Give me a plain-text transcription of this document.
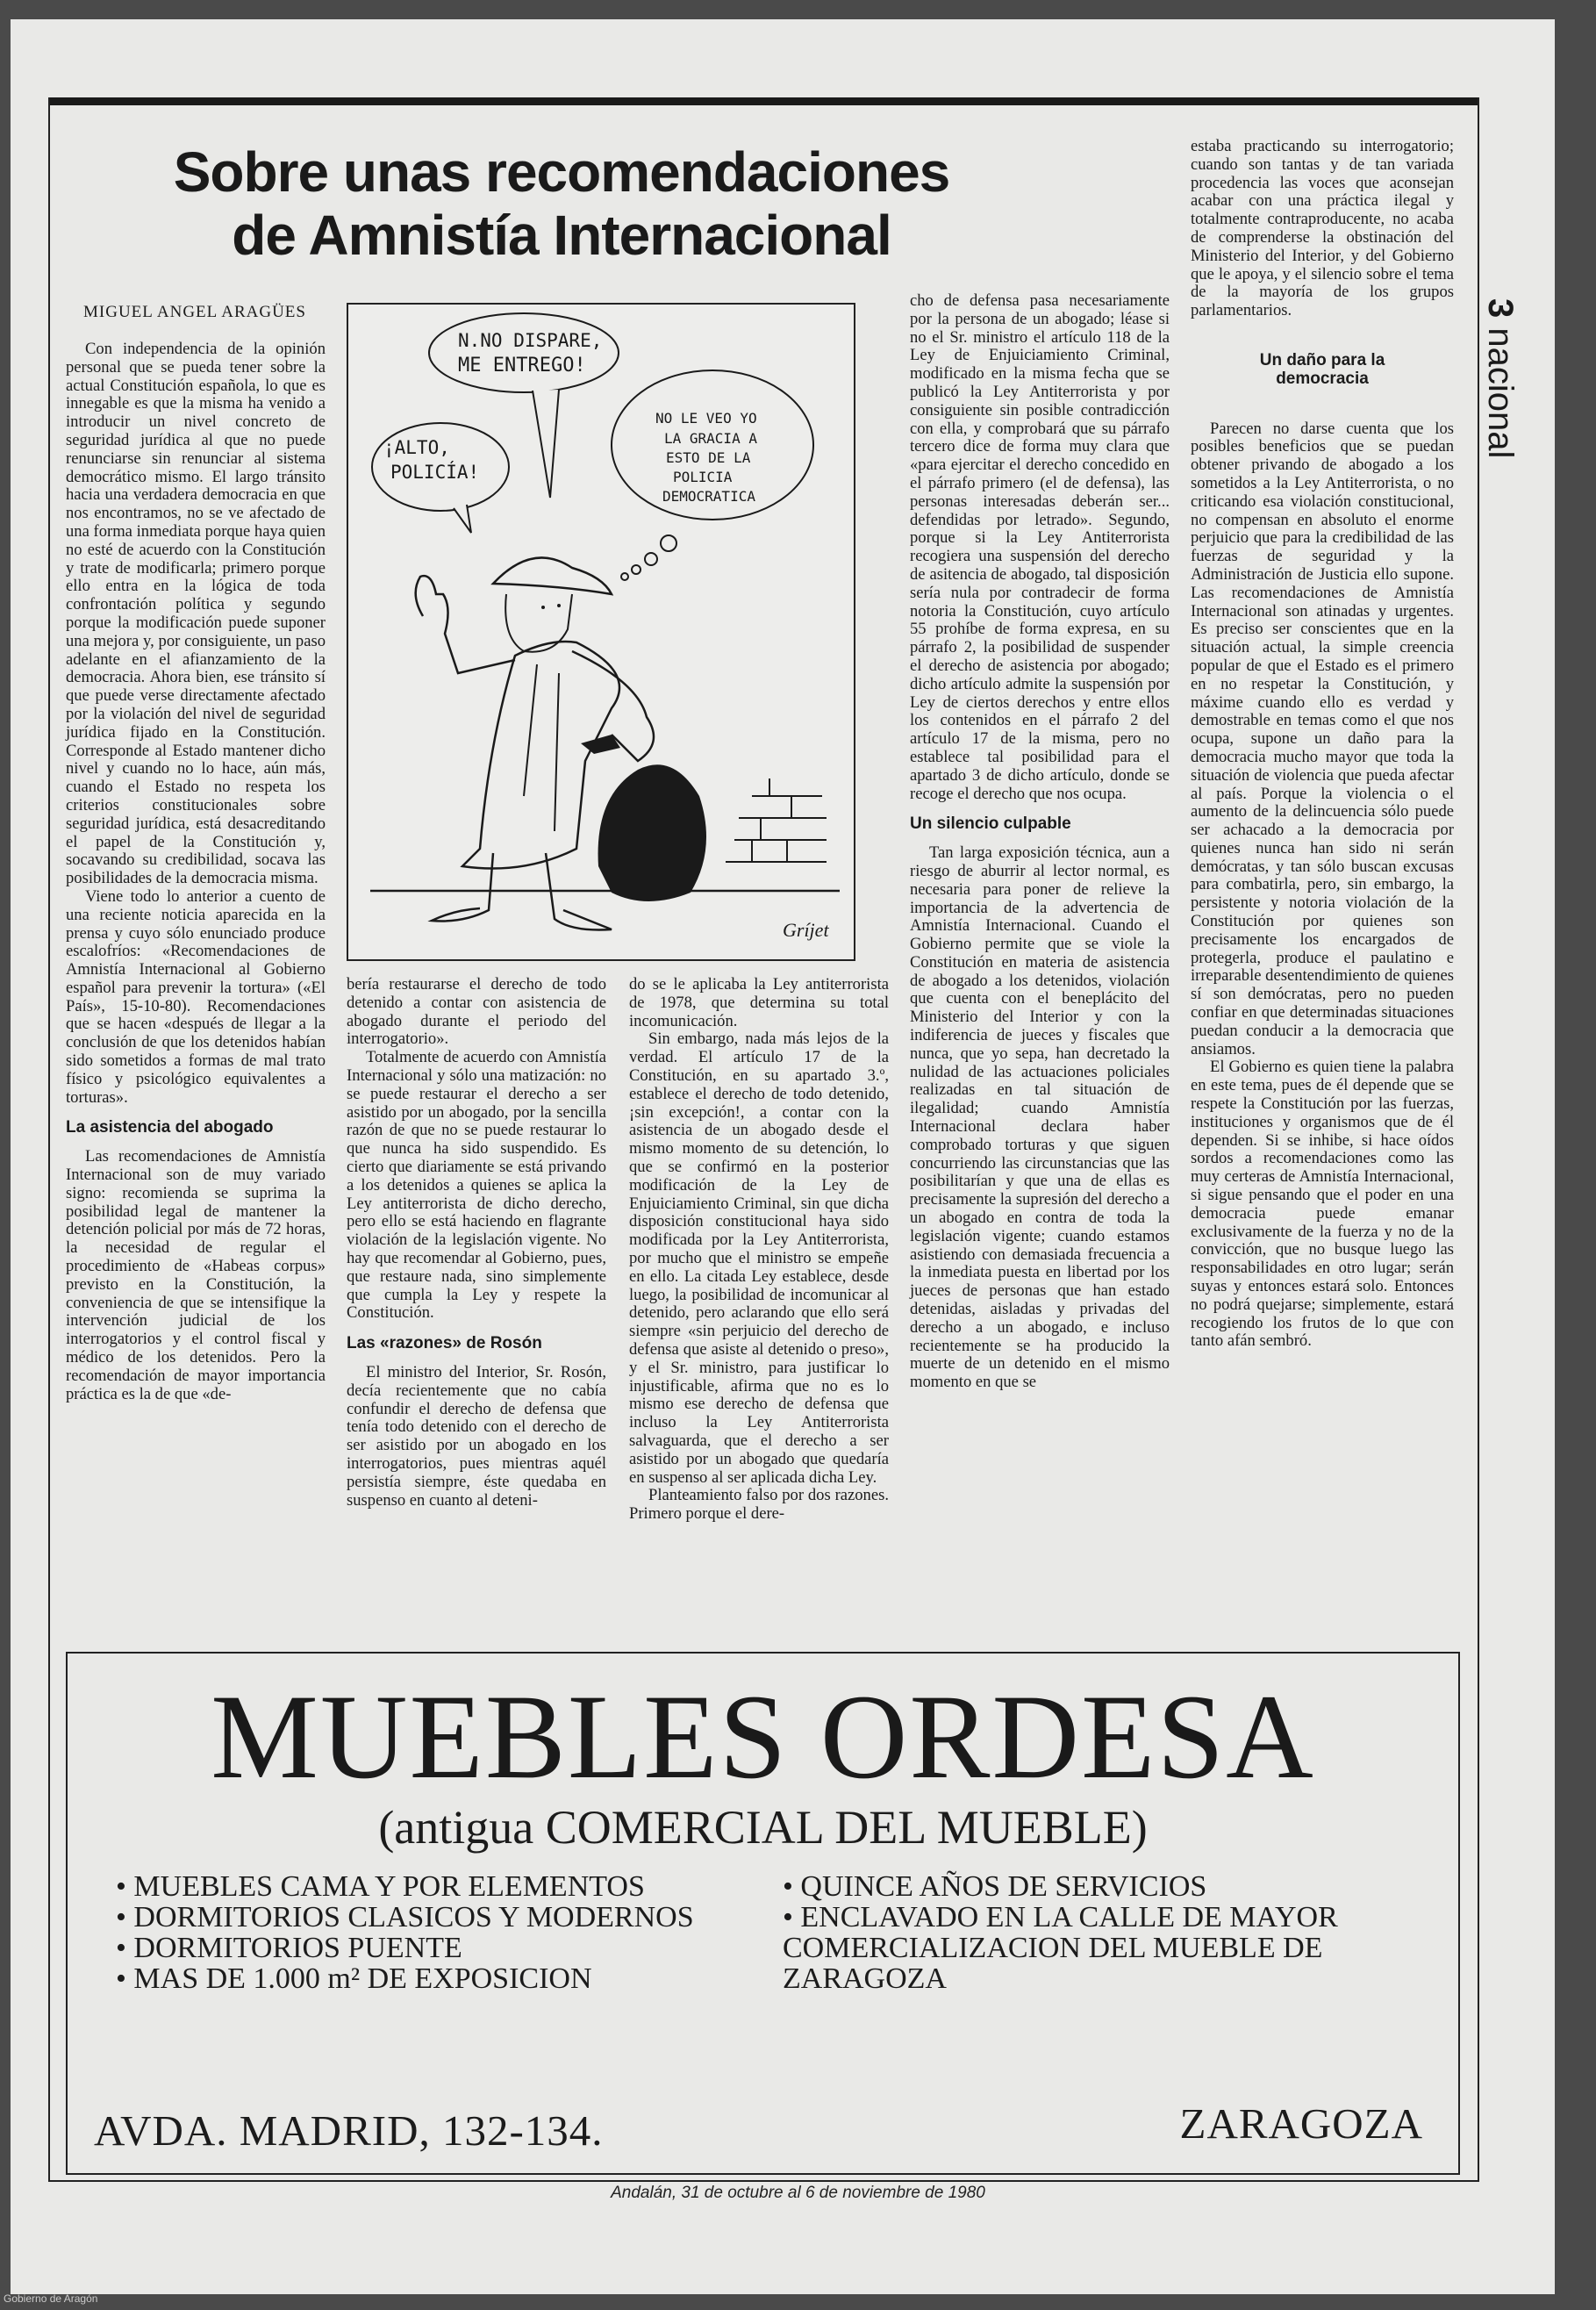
Sobre unas recomendaciones
de Amnistía Internacional
MIGUEL ANGEL ARAGÜES	3 nacional

Con independencia de la opinión personal que se pueda tener sobre la actual Constitución española, lo que es innegable es que la misma ha venido a introducir un nivel concreto de seguridad jurídica al que no puede renunciarse sin renunciar al sistema democrático mismo. El largo tránsito hacia una verdadera democracia en que nos encontramos, no se ve afectado de una forma inmediata porque haya quien no esté de acuerdo con la Constitución y trate de modificarla; primero porque ello entra en la lógica de toda confrontación política y segundo porque la modificación puede suponer una mejora y, por consiguiente, un paso adelante en el afianzamiento de la democracia. Ahora bien, ese tránsito sí que puede verse directamente afectado por la violación del nivel de seguridad jurídica fijado en la Constitución. Corresponde al Estado mantener dicho nivel y cuando no lo hace, aún más, cuando el Estado no respeta los criterios constitucionales sobre seguridad jurídica, está desacreditando el papel de la Constitución y, socavando su credibilidad, socava las posibilidades de la democracia misma.

Viene todo lo anterior a cuento de una reciente noticia aparecida en la prensa y cuyo sólo enunciado produce escalofríos: «Recomendaciones de Amnistía Internacional al Gobierno español para prevenir la tortura» («El País», 15-10-80). Recomendaciones que se hacen «después de llegar a la conclusión de que los detenidos habían sido sometidos a formas de mal trato físico y psicológico equivalentes a torturas».

La asistencia del abogado

Las recomendaciones de Amnistía Internacional son de muy variado signo: recomienda se suprima la posibilidad legal de mantener la detención policial por más de 72 horas, la necesidad de regular el procedimiento de «Habeas corpus» previsto en la Constitución, la conveniencia de que se intensifique la intervención judicial de los interrogatorios y el control fiscal y médico de los detenidos. Pero la recomendación de mayor importancia práctica es la de que «de-

¡ALTO,
POLICÍA!
N.NO DISPARE,
ME ENTREGO!
NO LE VEO YO
LA GRACIA A
ESTO DE LA
POLICIA
DEMOCRATICA
Gríjet

bería restaurarse el derecho de todo detenido a contar con asistencia de abogado durante el periodo del interrogatorio».

Totalmente de acuerdo con Amnistía Internacional y sólo una matización: no se puede restaurar el derecho a ser asistido por un abogado, por la sencilla razón de que no se puede restaurar lo que nunca ha sido suspendido. Es cierto que diariamente se está privando a los detenidos a quienes se aplica la Ley antiterrorista de dicho derecho, pero ello se está haciendo en flagrante violación de la legislación vigente. No hay que recomendar al Gobierno, pues, que restaure nada, sino simplemente que cumpla la Ley y respete la Constitución.

Las «razones» de Rosón

El ministro del Interior, Sr. Rosón, decía recientemente que no cabía confundir el derecho de defensa que tenía todo detenido con el derecho de ser asistido por un abogado en los interrogatorios, pues mientras aquél persistía siempre, éste quedaba en suspenso en cuanto al deteni-

do se le aplicaba la Ley antiterrorista de 1978, que determina su total incomunicación.

Sin embargo, nada más lejos de la verdad. El artículo 17 de la Constitución, en su apartado 3.º, establece el derecho de todo detenido, ¡sin excepción!, a contar con la asistencia de un abogado desde el mismo momento de su detención, lo que se confirmó en la posterior modificación de la Ley de Enjuiciamiento Criminal, sin que dicha disposición constitucional haya sido modificada por la Ley Antiterrorista, por mucho que el ministro se empeñe en ello. La citada Ley establece, desde luego, la posibilidad de incomunicar al detenido, pero aclarando que ello será siempre «sin perjuicio del derecho de defensa que asiste al detenido o preso», y el Sr. ministro, para justificar lo injustificable, afirma que no es lo mismo ese derecho de defensa que incluso la Ley Antiterrorista salvaguarda, que el derecho a ser asistido por un abogado que quedaría en suspenso al ser aplicada dicha Ley.

Planteamiento falso por dos razones. Primero porque el dere-

cho de defensa pasa necesariamente por la persona de un abogado; léase si no el Sr. ministro el artículo 118 de la Ley de Enjuiciamiento Criminal, modificado en la misma fecha que se publicó la Ley Antiterrorista y por consiguiente sin posible contradicción con ella, y comprobará que su párrafo tercero dice de forma muy clara que «para ejercitar el derecho concedido en el párrafo primero (el de defensa), las personas interesadas deberán ser... defendidas por letrado». Segundo, porque si la Ley Antiterrorista recogiera una suspensión del derecho de asitencia de abogado, tal disposición sería nula por contradecir de forma notoria la Constitución, cuyo artículo 55 prohíbe de forma expresa, en su párrafo 2, la posibilidad de suspender el derecho de asistencia por abogado; dicho artículo admite la suspensión por Ley de ciertos derechos y entre ellos los contenidos en el párrafo 2 del artículo 17 de la misma, pero no establece tal posibilidad para el apartado 3 de dicho artículo, donde se recoge el derecho que nos ocupa.

Un silencio culpable

Tan larga exposición técnica, aun a riesgo de aburrir al lector normal, es necesaria para poner de relieve la importancia de la advertencia de Amnistía Internacional. Cuando el Gobierno permite que se viole la Constitución en materia de asistencia de abogado a los detenidos, violación que cuenta con el beneplácito del Ministerio del Interior y con la indiferencia de jueces y fiscales que nunca, que yo sepa, han decretado la nulidad de las actuaciones policiales realizadas en tal situación de ilegalidad; cuando Amnistía Internacional declara haber comprobado torturas y que siguen concurriendo las circunstancias que las posibilitarían y que una de ellas es precisamente la supresión del derecho a un abogado en contra de toda la legislación vigente; cuando estamos asistiendo con demasiada frecuencia a la inmediata puesta en libertad por los jueces de personas que han estado detenidas, aisladas y privadas del derecho a un abogado, e incluso recientemente se ha producido la muerte de un detenido en el mismo momento en que se

estaba practicando su interrogatorio; cuando son tantas y de tan variada procedencia las voces que aconsejan acabar con una práctica ilegal y totalmente contraproducente, no acaba de comprenderse la obstinación del Ministerio del Interior, y del Gobierno que le apoya, y el silencio sobre el tema de la mayoría de los grupos parlamentarios.

Un daño para la democracia

Parecen no darse cuenta que los posibles beneficios que se puedan obtener privando de abogado a los sometidos a la Ley Antiterrorista, o no criticando esa violación constitucional, no compensan en absoluto el enorme perjuicio que para la credibilidad de las fuerzas de seguridad y la Administración de Justicia ello supone. Las recomendaciones de Amnistía Internacional son atinadas y urgentes. Es preciso ser conscientes que en la situación actual, la simple creencia popular de que el Estado es el primero en no respetar la Constitución, y máxime cuando ello es verdad y demostrable en temas como el que nos ocupa, supone un daño para la democracia mucho mayor que toda la situación de violencia que pueda afectar al país. Porque la violencia o el aumento de la delincuencia sólo puede ser achacado a la democracia por quienes nunca han sido ni serán demócratas, y tan sólo buscan excusas para combatirla, pero, sin embargo, la persistente y notoria violación de la Constitución por quienes son precisamente los encargados de protegerla, produce el paulatino e irreparable desentendimiento de quienes sí son demócratas, pero no pueden confiar en que determinadas situaciones puedan conducir a la democracia que ansiamos.

El Gobierno es quien tiene la palabra en este tema, pues de él depende que se respete la Constitución por las fuerzas, instituciones y organismos que de él dependen. Si se inhibe, si hace oídos sordos a recomendaciones como las muy certeras de Amnistía Internacional, si sigue pensando que el poder en una democracia puede emanar exclusivamente de la fuerza y no de la convicción, que no busque luego las responsabilidades en otro lugar; serán suyas y entonces estará solo. Entonces no podrá quejarse; simplemente, estará recogiendo los frutos de lo que con tanto afán sembró.

MUEBLES ORDESA
(antigua COMERCIAL DEL MUEBLE)
• MUEBLES CAMA Y POR ELEMENTOS
• DORMITORIOS CLASICOS Y MODERNOS
• DORMITORIOS PUENTE
• MAS DE 1.000 m² DE EXPOSICION
• QUINCE AÑOS DE SERVICIOS
• ENCLAVADO EN LA CALLE DE MAYOR COMERCIALIZACION DEL MUEBLE DE ZARAGOZA
AVDA. MADRID, 132-134.	ZARAGOZA
Andalán, 31 de octubre al 6 de noviembre de 1980
Gobierno de Aragón
